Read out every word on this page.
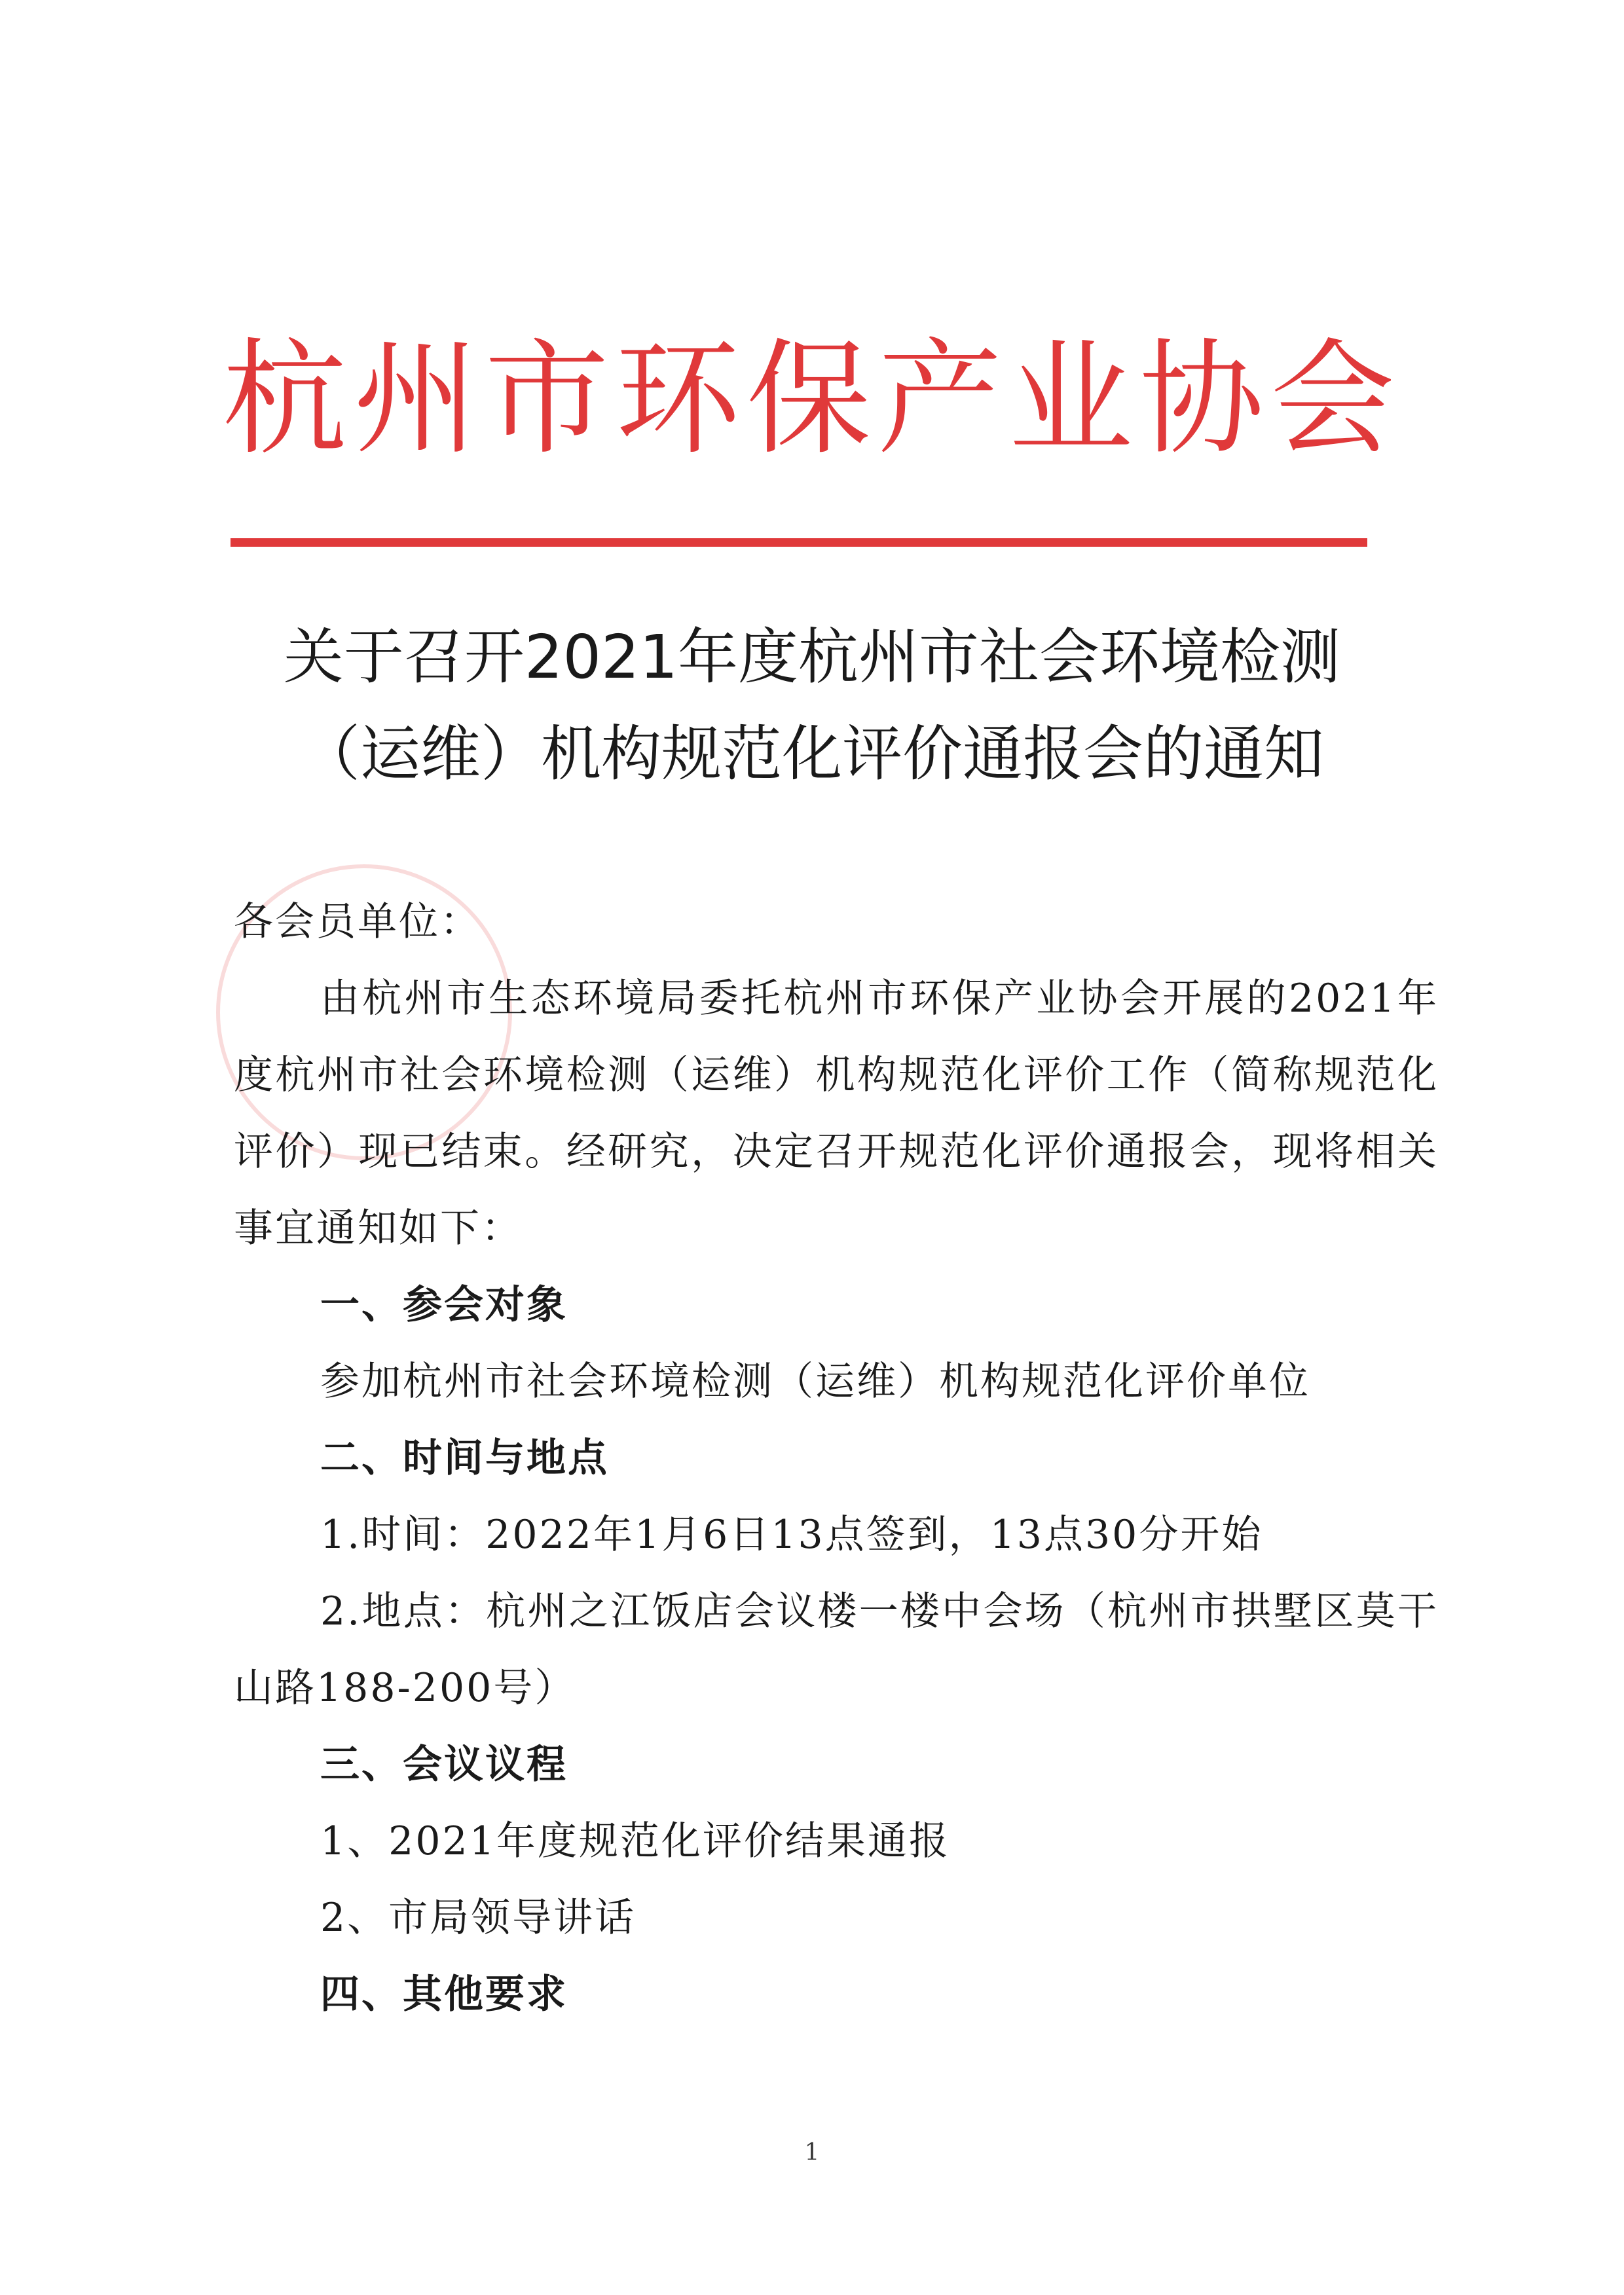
杭州市环保产业协会
关于召开2021年度杭州市社会环境检测
（运维）机构规范化评价通报会的通知

各会员单位：

由杭州市生态环境局委托杭州市环保产业协会开展的2021年度杭州市社会环境检测（运维）机构规范化评价工作（简称规范化评价）现已结束。经研究，决定召开规范化评价通报会，现将相关事宜通知如下：

一、参会对象

参加杭州市社会环境检测（运维）机构规范化评价单位

二、时间与地点

1.时间：2022年1月6日13点签到，13点30分开始

2.地点：杭州之江饭店会议楼一楼中会场（杭州市拱墅区莫干山路188-200号）

三、会议议程

1、2021年度规范化评价结果通报

2、市局领导讲话

四、其他要求

1
